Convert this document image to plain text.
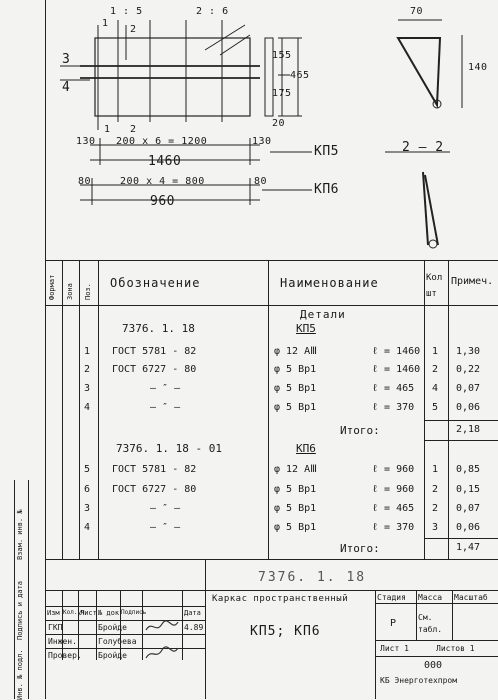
Инв. № подл.
Подпись и дата
Взам. инв. №
1 : 5	2 : 6
1
2
3
4
155
175
465
20
1 2
130 200 x 6 = 1200	130
1460
КП5
80	200 x 4 = 800	80
960
КП6
70
140
2 — 2
Формат Зона Поз.
Обозначение	Наименование	Кол шт
Примеч.
Детали
7376. 1. 18	КП5
1 ГОСТ 5781 - 82	φ 12 АⅢ	ℓ = 1460 1 1,30
2 ГОСТ 6727 - 80	φ 5 Вр1	ℓ = 1460 2 0,22
3	— ″ —	φ 5 Вр1	ℓ = 465 4 0,07
4	— ″ —	φ 5 Вр1	ℓ = 370 5 0,06
Итого:	2,18
7376. 1. 18 - 01	КП6
5 ГОСТ 5781 - 82	φ 12 АⅢ	ℓ = 960 1 0,85
6 ГОСТ 6727 - 80	φ 5 Вр1	ℓ = 960 2 0,15
3	— ″ —	φ 5 Вр1	ℓ = 465 2 0,07
4	— ″ —	φ 5 Вр1	ℓ = 370 3 0,06
Итого:	1,47
7376. 1. 18
Изм Кол.уч
Лист № док Подпись	Дата
ГКП	Бройде	4.89
Инжен.	Голубева
Провер. Бройде
Каркас пространственный
КП5; КП6
Стадия Масса Масштаб
Р
См. табл.
Лист 1	Листов 1
000
КБ Энерготехпром
